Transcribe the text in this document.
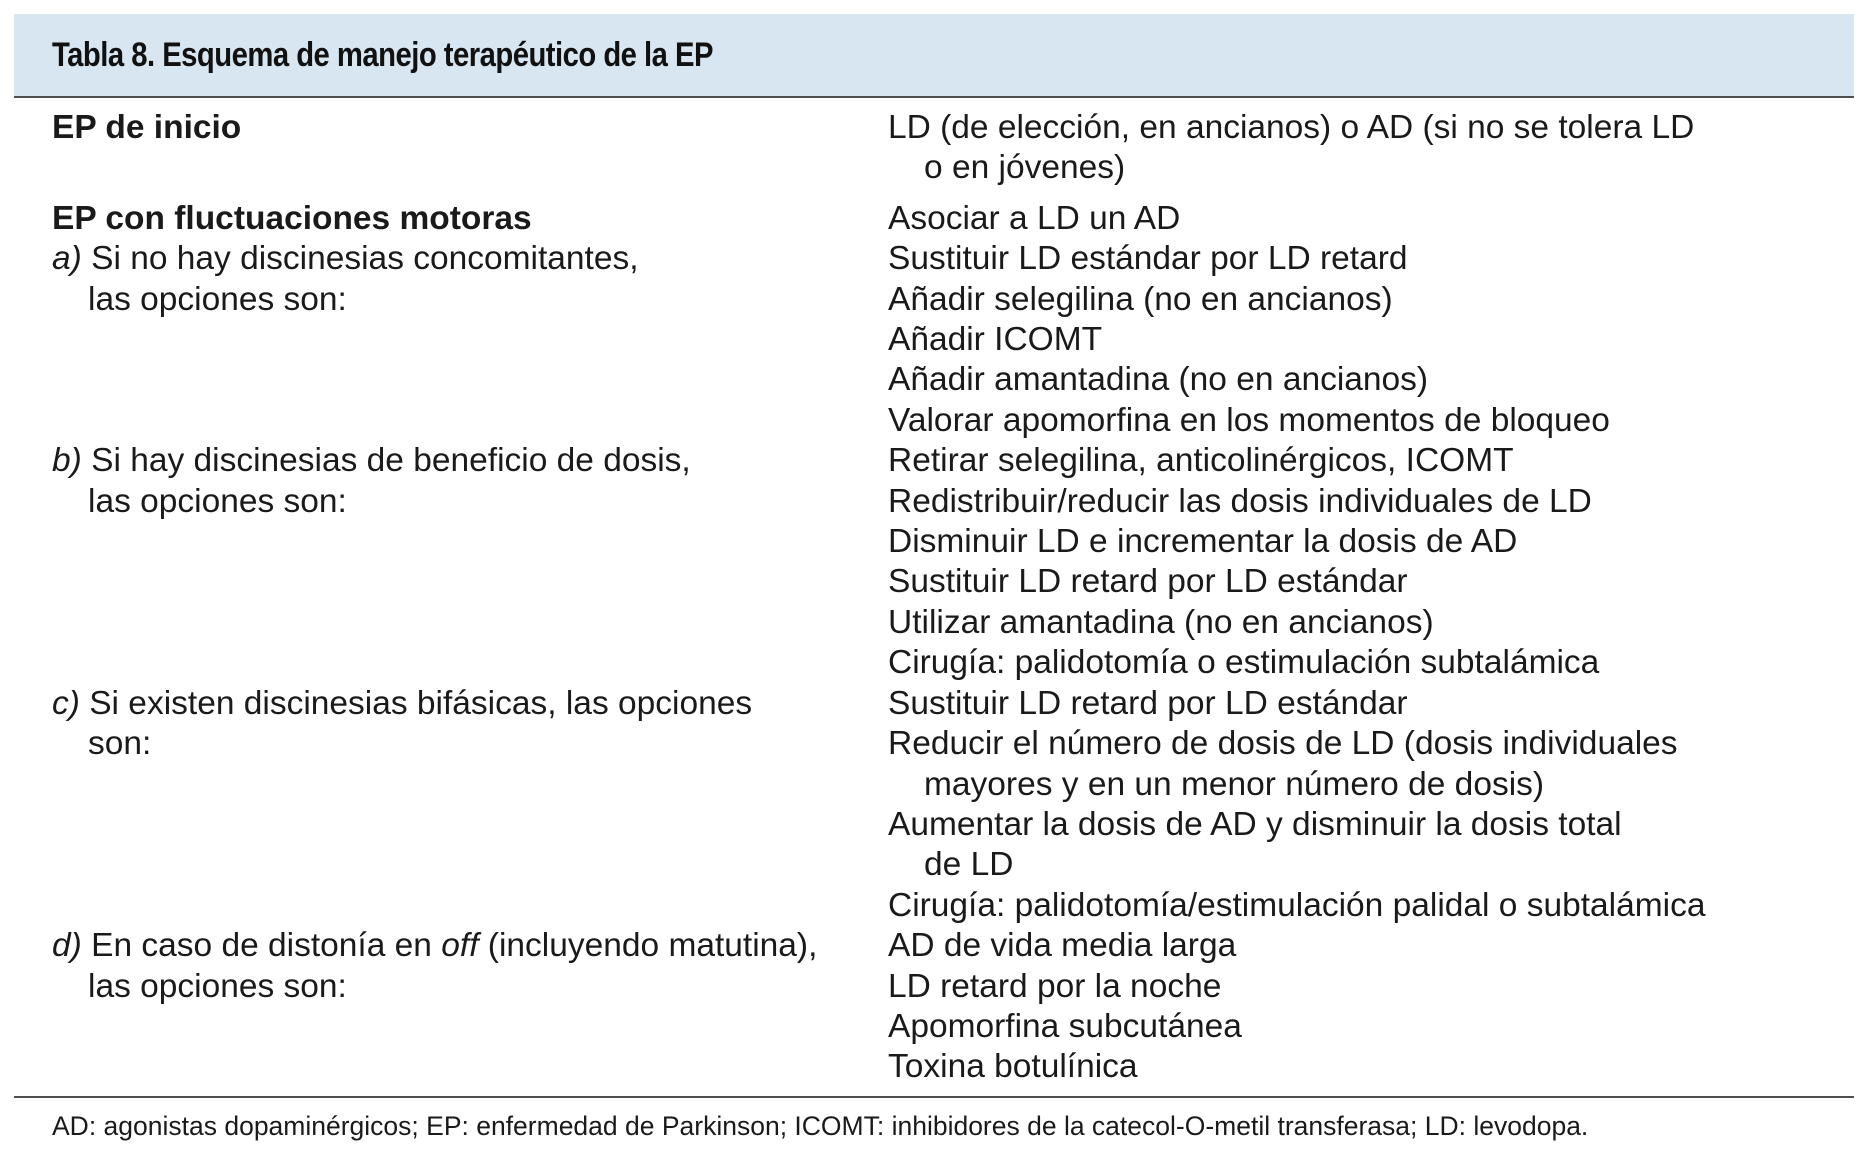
Tabla 8. Esquema de manejo terapéutico de la EP
EP de inicio	LD (de elección, en ancianos) o AD (si no se tolera LD
o en jóvenes)
EP con fluctuaciones motoras	Asociar a LD un AD
a) Si no hay discinesias concomitantes,
las opciones son:
Sustituir LD estándar por LD retard
Añadir selegilina (no en ancianos)
Añadir ICOMT
Añadir amantadina (no en ancianos)
Valorar apomorfina en los momentos de bloqueo
b) Si hay discinesias de beneficio de dosis,
las opciones son:
Retirar selegilina, anticolinérgicos, ICOMT
Redistribuir/reducir las dosis individuales de LD
Disminuir LD e incrementar la dosis de AD
Sustituir LD retard por LD estándar
Utilizar amantadina (no en ancianos)
Cirugía: palidotomía o estimulación subtalámica
c) Si existen discinesias bifásicas, las opciones
son:
Sustituir LD retard por LD estándar
Reducir el número de dosis de LD (dosis individuales
mayores y en un menor número de dosis)
Aumentar la dosis de AD y disminuir la dosis total
de LD
Cirugía: palidotomía/estimulación palidal o subtalámica
d) En caso de distonía en off (incluyendo matutina),
las opciones son:
AD de vida media larga
LD retard por la noche
Apomorfina subcutánea
Toxina botulínica
AD: agonistas dopaminérgicos; EP: enfermedad de Parkinson; ICOMT: inhibidores de la catecol-O-metil transferasa; LD: levodopa.
